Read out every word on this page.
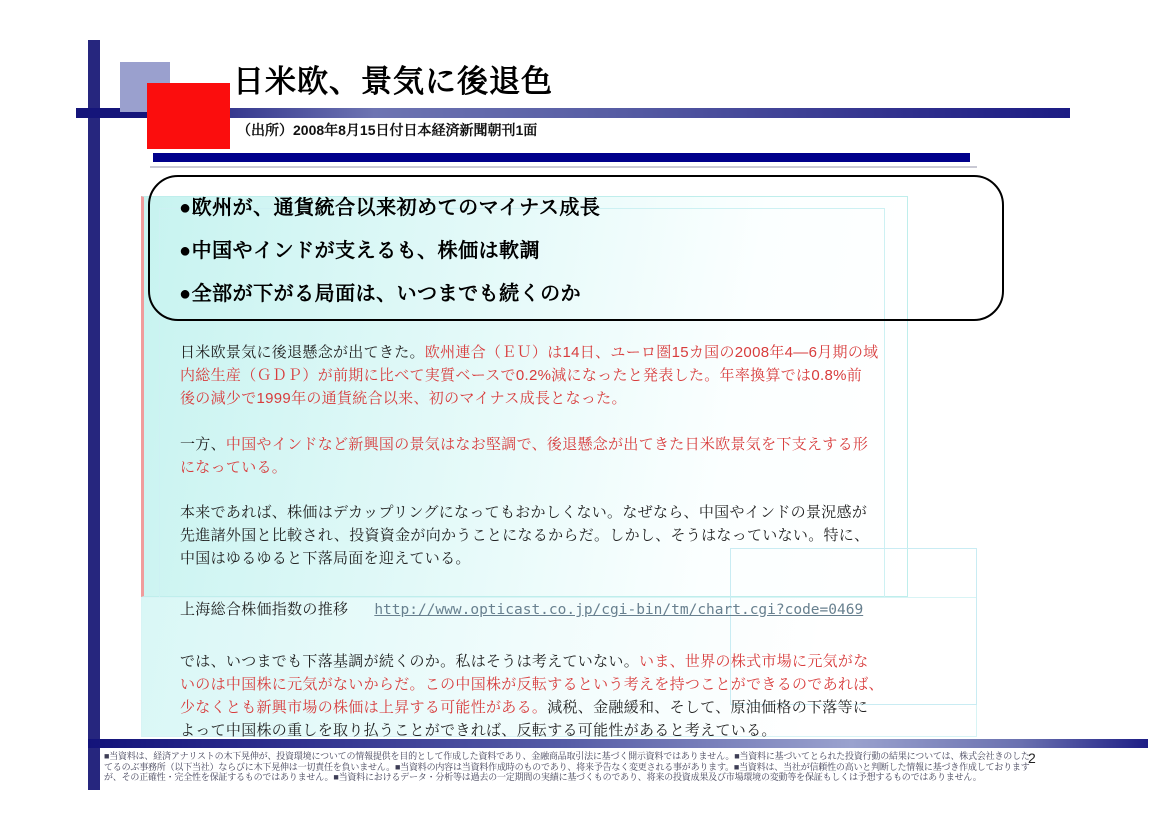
日米欧、景気に後退色
（出所）2008年8月15日付日本経済新聞朝刊1面
●欧州が、通貨統合以来初めてのマイナス成長
●中国やインドが支えるも、株価は軟調
●全部が下がる局面は、いつまでも続くのか
日米欧景気に後退懸念が出てきた。欧州連合（ＥＵ）は14日、ユーロ圏15カ国の2008年4―6月期の域
内総生産（ＧＤＰ）が前期に比べて実質ベースで0.2%減になったと発表した。年率換算では0.8%前
後の減少で1999年の通貨統合以来、初のマイナス成長となった。
一方、中国やインドなど新興国の景気はなお堅調で、後退懸念が出てきた日米欧景気を下支えする形
になっている。
本来であれば、株価はデカップリングになってもおかしくない。なぜなら、中国やインドの景況感が
先進諸外国と比較され、投資資金が向かうことになるからだ。しかし、そうはなっていない。特に、
中国はゆるゆると下落局面を迎えている。
上海総合株価指数の推移 http://www.opticast.co.jp/cgi-bin/tm/chart.cgi?code=0469
では、いつまでも下落基調が続くのか。私はそうは考えていない。いま、世界の株式市場に元気がな
いのは中国株に元気がないからだ。この中国株が反転するという考えを持つことができるのであれば、
少なくとも新興市場の株価は上昇する可能性がある。減税、金融緩和、そして、原油価格の下落等に
よって中国株の重しを取り払うことができれば、反転する可能性があると考えている。
■当資料は、経済アナリストの木下晃伸が、投資環境についての情報提供を目的として作成した資料であり、金融商品取引法に基づく開示資料ではありません。■当資料に基づいてとられた投資行動の結果については、株式会社きのした
てるのぶ事務所（以下当社）ならびに木下晃伸は一切責任を負いません。■当資料の内容は当資料作成時のものであり、将来予告なく変更される事があります。■当資料は、当社が信頼性の高いと判断した情報に基づき作成しております
が、その正確性・完全性を保証するものではありません。■当資料におけるデータ・分析等は過去の一定期間の実績に基づくものであり、将来の投資成果及び市場環境の変動等を保証もしくは予想するものではありません。
2
